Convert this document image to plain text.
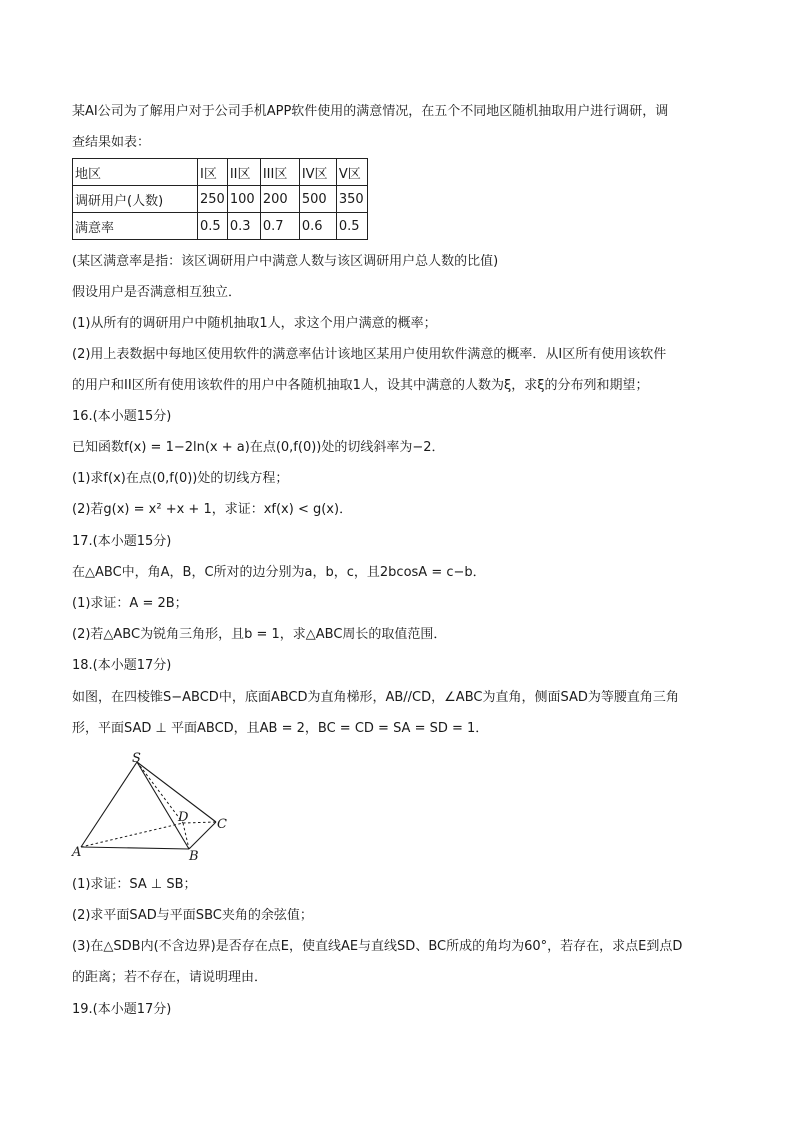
某AI公司为了解用户对于公司手机APP软件使用的满意情况，在五个不同地区随机抽取用户进行调研，调
查结果如表：
地区	I区	II区	III区	IV区	V区
调研用户(人数)	250	100	200	500	350
满意率	0.5	0.3	0.7	0.6	0.5
(某区满意率是指：该区调研用户中满意人数与该区调研用户总人数的比值)
假设用户是否满意相互独立．
(1)从所有的调研用户中随机抽取1人，求这个用户满意的概率；
(2)用上表数据中每地区使用软件的满意率估计该地区某用户使用软件满意的概率．从I区所有使用该软件
的用户和II区所有使用该软件的用户中各随机抽取1人，设其中满意的人数为ξ，求ξ的分布列和期望；
16.(本小题15分)
已知函数f(x) = 1−2ln(x + a)在点(0,f(0))处的切线斜率为−2．
(1)求f(x)在点(0,f(0))处的切线方程；
(2)若g(x) = x² +x + 1，求证：xf(x) < g(x)．
17.(本小题15分)
在△ABC中，角A，B，C所对的边分别为a，b，c，且2bcosA = c−b．
(1)求证：A = 2B；
(2)若△ABC为锐角三角形，且b = 1，求△ABC周长的取值范围．
18.(本小题17分)
如图，在四棱锥S−ABCD中，底面ABCD为直角梯形，AB//CD，∠ABC为直角，侧面SAD为等腰直角三角
形，平面SAD ⊥ 平面ABCD，且AB = 2，BC = CD = SA = SD = 1．
S
A	B
C
D
(1)求证：SA ⊥ SB；
(2)求平面SAD与平面SBC夹角的余弦值；
(3)在△SDB内(不含边界)是否存在点E，使直线AE与直线SD、BC所成的角均为60°，若存在，求点E到点D
的距离；若不存在，请说明理由．
19.(本小题17分)
